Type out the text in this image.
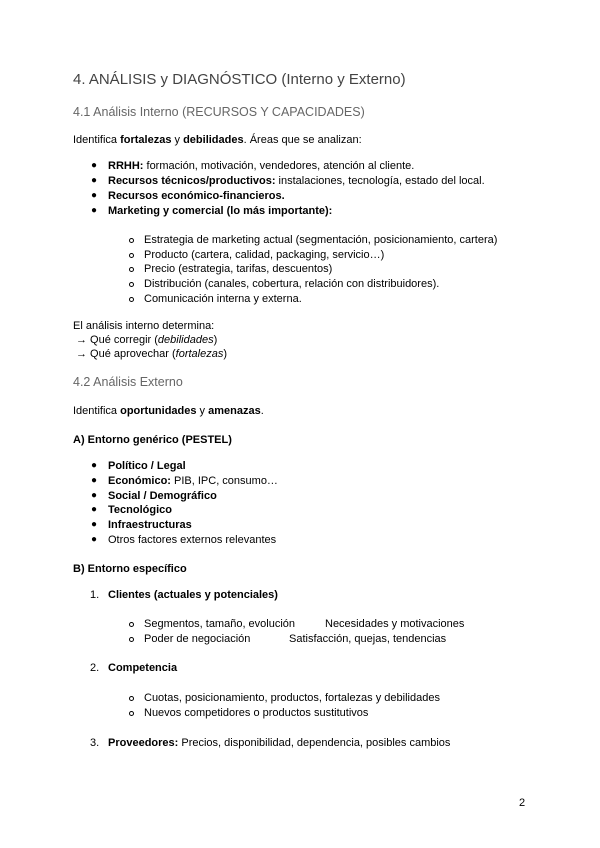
4. ANÁLISIS y DIAGNÓSTICO (Interno y Externo)
4.1 Análisis Interno (RECURSOS Y CAPACIDADES)
Identifica fortalezas y debilidades. Áreas que se analizan:
● RRHH: formación, motivación, vendedores, atención al cliente.
● Recursos técnicos/productivos: instalaciones, tecnología, estado del local.
● Recursos económico-financieros.
● Marketing y comercial (lo más importante):
Estrategia de marketing actual (segmentación, posicionamiento, cartera)
Producto (cartera, calidad, packaging, servicio…)
Precio (estrategia, tarifas, descuentos)
Distribución (canales, cobertura, relación con distribuidores).
Comunicación interna y externa.
El análisis interno determina:
→ Qué corregir (debilidades)
→ Qué aprovechar (fortalezas)
4.2 Análisis Externo
Identifica oportunidades y amenazas.
A) Entorno genérico (PESTEL)
● Político / Legal
● Económico: PIB, IPC, consumo…
● Social / Demográfico
● Tecnológico
● Infraestructuras
● Otros factores externos relevantes
B) Entorno específico
1. Clientes (actuales y potenciales)
Segmentos, tamaño, evolución	Necesidades y motivaciones
Poder de negociación	Satisfacción, quejas, tendencias
2. Competencia
Cuotas, posicionamiento, productos, fortalezas y debilidades
Nuevos competidores o productos sustitutivos
3. Proveedores: Precios, disponibilidad, dependencia, posibles cambios
2
